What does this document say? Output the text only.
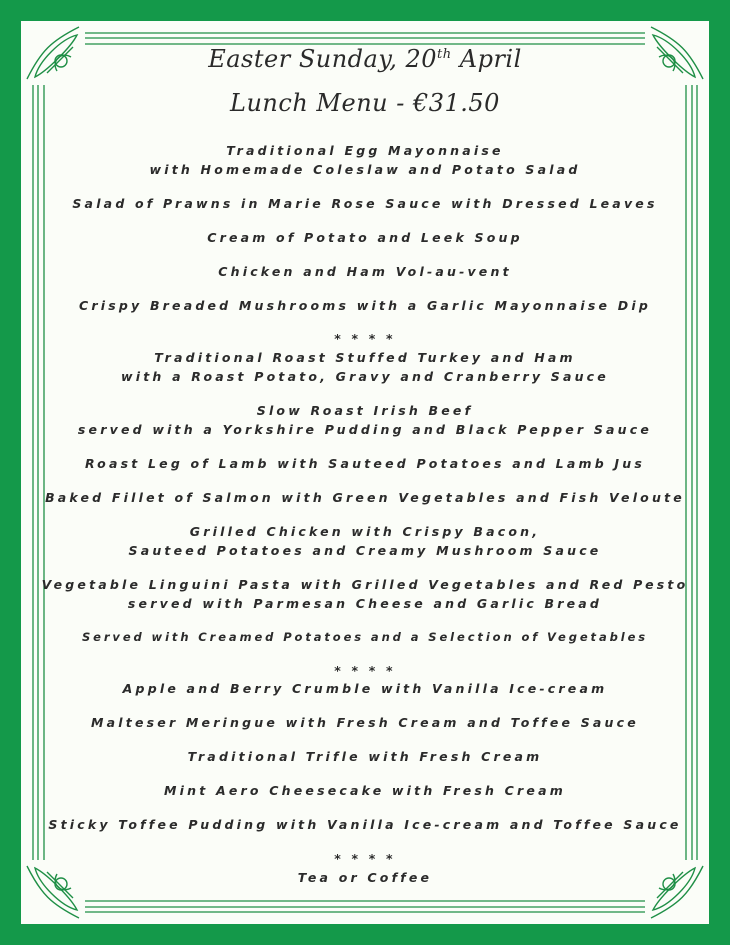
Easter Sunday, 20th April
Lunch Menu - €31.50
Traditional Egg Mayonnaise
with Homemade Coleslaw and Potato Salad
Salad of Prawns in Marie Rose Sauce with Dressed Leaves
Cream of Potato and Leek Soup
Chicken and Ham Vol-au-vent
Crispy Breaded Mushrooms with a Garlic Mayonnaise Dip
* * * *
Traditional Roast Stuffed Turkey and Ham
with a Roast Potato, Gravy and Cranberry Sauce
Slow Roast Irish Beef
served with a Yorkshire Pudding and Black Pepper Sauce
Roast Leg of Lamb with Sauteed Potatoes and Lamb Jus
Baked Fillet of Salmon with Green Vegetables and Fish Veloute
Grilled Chicken with Crispy Bacon,
Sauteed Potatoes and Creamy Mushroom Sauce
Vegetable Linguini Pasta with Grilled Vegetables and Red Pesto
served with Parmesan Cheese and Garlic Bread
Served with Creamed Potatoes and a Selection of Vegetables
* * * *
Apple and Berry Crumble with Vanilla Ice-cream
Malteser Meringue with Fresh Cream and Toffee Sauce
Traditional Trifle with Fresh Cream
Mint Aero Cheesecake with Fresh Cream
Sticky Toffee Pudding with Vanilla Ice-cream and Toffee Sauce
* * * *
Tea or Coffee
